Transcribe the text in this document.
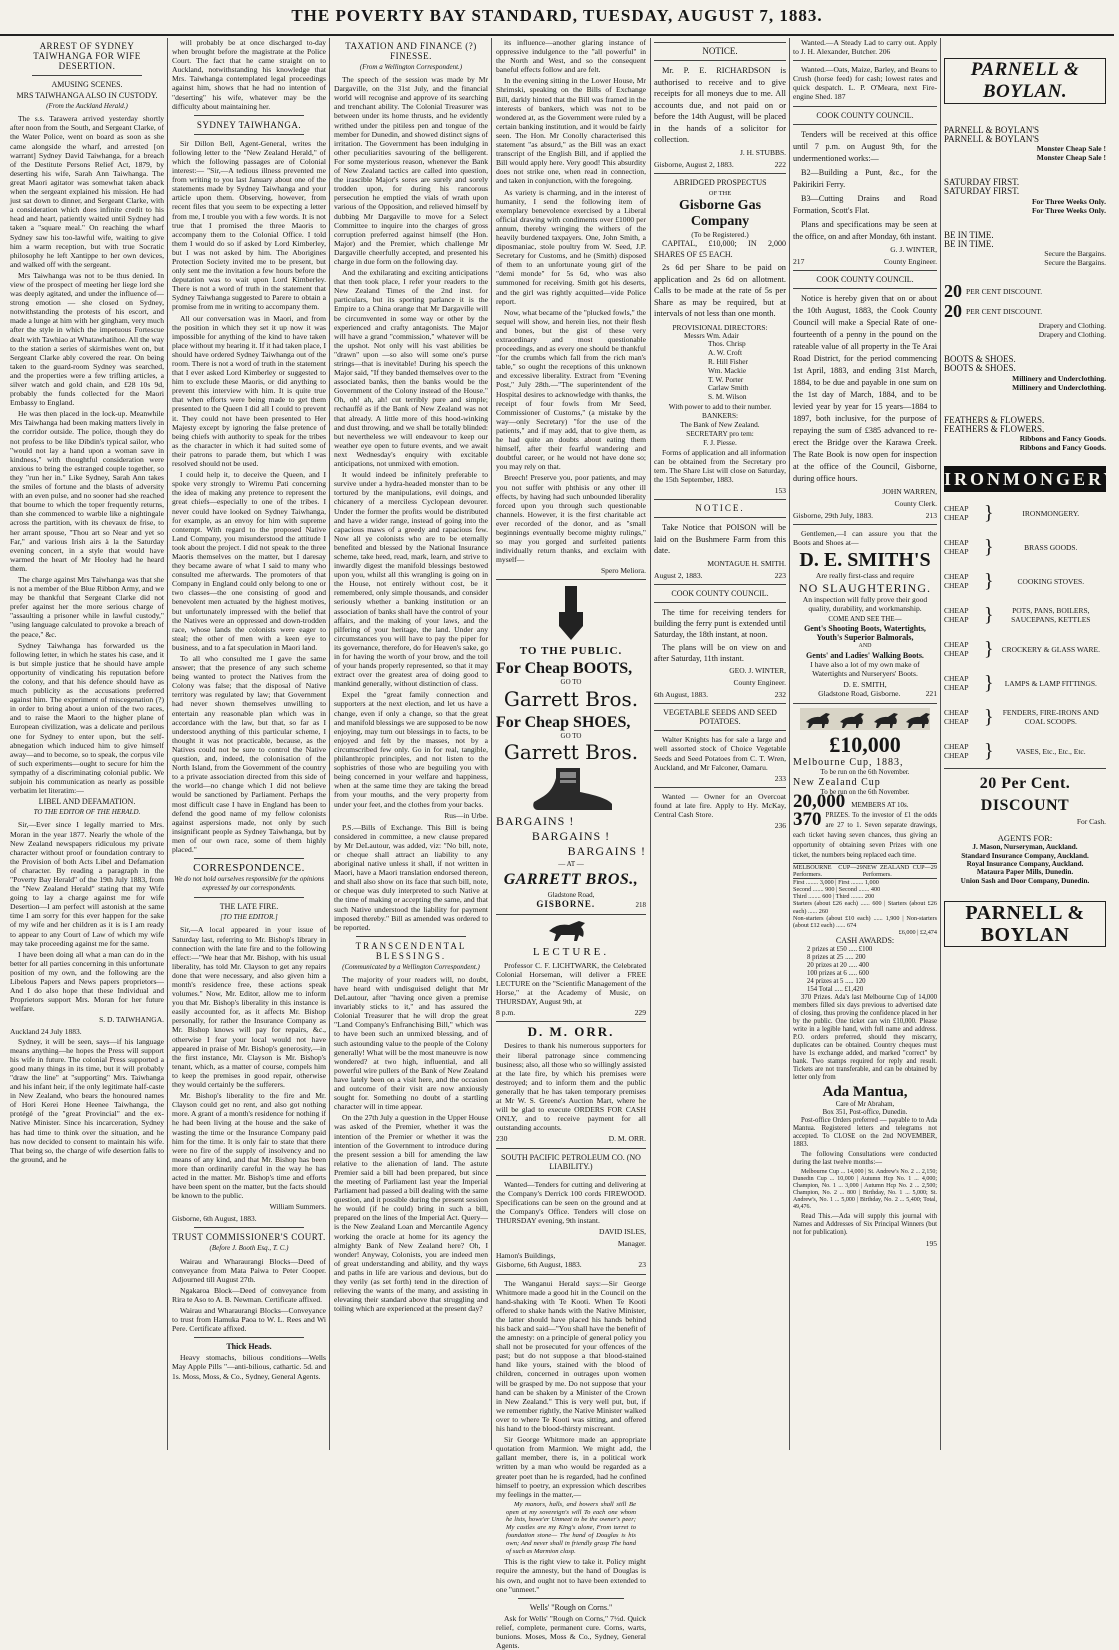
THE POVERTY BAY STANDARD, TUESDAY, AUGUST 7, 1883.
ARREST OF SYDNEY TAIWHANGA FOR WIFE DESERTION.
AMUSING SCENES.
MRS TAIWHANGA ALSO IN CUSTODY.
(From the Auckland Herald.)

The s.s. Tarawera arrived yesterday shortly after noon from the South, and Sergeant Clarke, of the Water Police, went on board as soon as she came alongside the wharf, and arrested [on warrant] Sydney David Taiwhanga, for a breach of the Destitute Persons Relief Act, 1879, by deserting his wife, Sarah Ann Taiwhanga. The great Maori agitator was somewhat taken aback when the sergeant explained his mission. He had just sat down to dinner, and Sergeant Clarke, with a consideration which does infinite credit to his head and heart, patiently waited until Sydney had taken a "square meal." On reaching the wharf Sydney saw his too-lawful wife, waiting to give him a warm reception, but with true Socratic philosophy he left Xantippe to her own devices, and walked off with the sergeant.

Mrs Taiwhanga was not to be thus denied. In view of the prospect of meeting her liege lord she was deeply agitated, and under the influence of— strong emotion — she closed on Sydney, notwithstanding the protests of his escort, and made a lunge at him with her gingham, very much after the style in which the impetuous Fortescue dealt with Tawhiao at Whatawhatihoe. All the way to the station a series of skirmishes went on, but Sergeant Clarke ably covered the rear. On being taken to the guard-room Sydney was searched, and the properties were a few trifling articles, a silver watch and gold chain, and £28 10s 9d, probably the funds collected for the Maori Embassy to England.

He was then placed in the lock-up. Meanwhile Mrs Taiwhanga had been making matters lively in the corridor outside. The police, though they do not profess to be like Dibdin's typical sailor, who "would not lay a hand upon a woman save in kindness," with thoughtful consideration were anxious to bring the estranged couple together, so they "run her in." Like Sydney, Sarah Ann takes the smiles of fortune and the blasts of adversity with an even pulse, and no sooner had she reached that bourne to which the toper frequently returns, than she commenced to warble like a nightingale across the partition, with its chevaux de frise, to her arrant spouse, "Thou art so Near and yet so Far," and various Irish airs à la the Saturday evening concert, in a style that would have warmed the heart of Mr Hooley had he heard them.

The charge against Mrs Taiwhanga was that she is not a member of the Blue Ribbon Army, and we may be thankful that Sergeant Clarke did not prefer against her the more serious charge of "assaulting a prisoner while in lawful custody," "using language calculated to provoke a breach of the peace," &c.

Sydney Taiwhanga has forwarded us the following letter, in which he states his case, and it is but simple justice that he should have ample opportunity of vindicating his reputation before the colony, and that his defence should have as much publicity as the accusations preferred against him. The experiment of miscegenation (?) in order to bring about a union of the two races, and to raise the Maori to the higher plane of European civilization, was a delicate and perilous one for Sydney to enter upon, but the self-abnegation which induced him to give himself away—and to become, so to speak, the corpus vile of such experiments—ought to secure for him the sympathy of a discriminating colonial public. We subjoin his communication as nearly as possible verbatim let literatim:—

LIBEL AND DEFAMATION.
TO THE EDITOR OF THE HERALD.

Sir,—Ever since I legally married to Mrs. Moran in the year 1877. Nearly the whole of the New Zealand newspapers ridiculous my private character without proof or foundation contrary to the Provision of both Acts Libel and Defamation of character. By reading a paragraph in the "Poverty Bay Herald" of the 19th July 1883, from the "New Zealand Herald" stating that my Wife going to lay a charge against me for wife Desertion—I am perfect will astonish at the same time I am sorry for this ever happen for the sake of my wife and her children as it is is I am ready to appear to any Court of Law of which my wife may take proceeding against me for the same.

I have been doing all what a man can do in the better for all parties concerning in this unfortunate position of my own, and the following are the Libelous Papers and News papers proprietors—And I do also hope that these Individual and Proprietors support Mrs. Moran for her future welfare.

S. D. TAIWHANGA.
Auckland 24 July 1883.

Sydney, it will be seen, says—if his language means anything—he hopes the Press will support his wife in future. The colonial Press supported a good many things in its time, but it will probably "draw the line" at "supporting" Mrs. Taiwhanga and his infant heir, if the only legitimate half-caste in New Zealand, who bears the honoured names of Hori Kerei Hone Heenee Taiwhanga, the protégé of the "great Provincial" and the ex-Native Minister. Since his incarceration, Sydney has had time to think over the situation, and he has now decided to consent to maintain his wife. That being so, the charge of wife desertion falls to the ground, and he

will probably be at once discharged to-day when brought before the magistrate at the Police Court. The fact that he came straight on to Auckland, notwithstanding his knowledge that Mrs. Taiwhanga contemplated legal proceedings against him, shows that he had no intention of "deserting" his wife, whatever may be the difficulty about maintaining her.

SYDNEY TAIWHANGA.

Sir Dillon Bell, Agent-General, writes the following letter to the "New Zealand Herald," of which the following passages are of Colonial interest:— "Sir,—A tedious illness prevented me from writing to you last January about one of the statements made by Sydney Taiwhanga and your article upon them. Observing, however, from recent files that you seem to be expecting a letter from me, I trouble you with a few words. It is not true that I promised the three Maoris to accompany them to the Colonial Office. I told them I would do so if asked by Lord Kimberley, but I was not asked by him. The Aborigines Protection Society invited me to be present, but only sent me the invitation a few hours before the deputation was to wait upon Lord Kimberley. There is not a word of truth in the statement that Sydney Taiwhanga suggested to Parere to obtain a promise from me in writing to accompany them.

All our conversation was in Maori, and from the position in which they set it up now it was impossible for anything of the kind to have taken place without my hearing it. If it had taken place, I should have ordered Sydney Taiwhanga out of the room. There is not a word of truth in the statement that I ever asked Lord Kimberley or suggested to him to exclude these Maoris, or did anything to prevent this interview with him. It is quite true that when efforts were being made to get them presented to the Queen I did all I could to prevent it. They could not have been presented to Her Majesty except by ignoring the false pretence of being chiefs with authority to speak for the tribes as the character in which it had suited some of their patrons to parade them, but which I was resolved should not be used.

I could help it, to deceive the Queen, and I spoke very strongly to Wiremu Pati concerning the idea of making any pretence to represent the great chiefs—especially to one of the tribes. I never could have looked on Sydney Taiwhanga, for example, as an envoy for him with supreme contempt. With regard to the proposed Native Land Company, you misunderstood the attitude I took about the project. I did not speak to the three Maoris themselves on the matter, but I daresay they became aware of what I said to many who consulted me afterwards. The promoters of that Company in England could only belong to one or two classes—the one consisting of good and benevolent men actuated by the highest motives, but unfortunately impressed with the belief that the Natives were an oppressed and down-trodden race, whose lands the colonists were eager to steal; the other of men with a keen eye to business, and to a fat speculation in Maori land.

To all who consulted me I gave the same answer; that the presence of any such scheme being wanted to protect the Natives from the Colony was false; that the disposal of Native territory was regulated by law; that Government had never shown themselves unwilling to entertain any reasonable plan which was in accordance with the law, but that, so far as I understood anything of this particular scheme, I thought it was not practicable, because, as the Natives could not be sure to control the Native question, and, indeed, the colonisation of the North Island, from the Government of the country to a private association directed from this side of the world—no change which I did not believe would be sanctioned by Parliament. Perhaps the most difficult case I have in England has been to defend the good name of my fellow colonists against aspersions made, not only by such insignificant people as Sydney Taiwhanga, but by men of our own race, some of them highly placed."

CORRESPONDENCE.
We do not hold ourselves responsible for the opinions expressed by our correspondents.
THE LATE FIRE.
[TO THE EDITOR.]

Sir,—A local appeared in your issue of Saturday last, referring to Mr. Bishop's library in connection with the late fire and to the following effect:—"We hear that Mr. Bishop, with his usual liberality, has told Mr. Clayson to get any repairs done that were necessary, and also given him a month's residence free, these actions speak volumes." Now, Mr. Editor, allow me to inform you that Mr. Bishop's liberality in this instance is easily accounted for, as it affects Mr. Bishop personally, for rather the Insurance Company as Mr. Bishop knows will pay for repairs, &c., otherwise I fear your local would not have appeared in praise of Mr. Bishop's generosity,—in the first instance, Mr. Clayson is Mr. Bishop's tenant, which, as a matter of course, compels him to keep the premises in good repair, otherwise they would certainly be the sufferers.

Mr. Bishop's liberality to the fire and Mr. Clayson could get no rent, and also got nothing more. A grant of a month's residence for nothing if he had been living at the house and the sake of wasting the time or the Insurance Company paid him for the time. It is only fair to state that there were no fire of the supply of insolvency and no means of any kind, and that Mr. Bishop has been more than ordinarily careful in the way he has acted in the matter. Mr. Bishop's time and efforts have been spent on the matter, but the facts should be known to the public.

William Summers.
Gisborne, 6th August, 1883.
TRUST COMMISSIONER'S COURT.
(Before J. Booth Esq., T. C.)

Wairau and Wharaurangi Blocks—Deed of conveyance from Mata Paiwa to Peter Cooper. Adjourned till August 27th.

Ngakaroa Block—Deed of conveyance from Rira te Aso to A. B. Newman. Certificate affixed.

Wairau and Wharaurangi Blocks—Conveyance to trust from Hamuka Paoa to W. L. Rees and Wi Pere. Certificate affixed.

Thick Heads.

Heavy stomachs, bilious conditions—Wells May Apple Pills "—anti-bilious, cathartic. 5d. and 1s. Moss, Moss, & Co., Sydney, General Agents.

TAXATION AND FINANCE (?) FINESSE.
(From a Wellington Correspondent.)

The speech of the session was made by Mr Dargaville, on the 31st July, and the financial world will recognise and approve of its searching and trenchant ability. The Colonial Treasurer was between under its home thrusts, and he evidently writhed under the pitiless pen and tongue of the member for Dunedin, and showed distinct signs of irritation. The Government has been indulging in other peculiarities savouring of the belligerent. For some mysterious reason, whenever the Bank of New Zealand tactics are called into question, the irascible Major's sores are surely and sorely trodden upon, for during his rancorous persecution he emptied the vials of wrath upon various of the Opposition, and relieved himself by dubbing Mr Dargaville to move for a Select Committee to inquire into the charges of gross corruption preferred against himself (the Hon. Major) and the Premier, which challenge Mr Dargaville cheerfully accepted, and presented his charge in due form on the following day.

And the exhilarating and exciting anticipations that then took place, I refer your readers to the New Zealand Times of the 2nd inst. for particulars, but its sporting parlance it is the Empire to a China orange that Mr Dargaville will be circumvented in some way or other by the experienced and crafty antagonists. The Major will have a grand "commission," whatever will be the upshot. Not only will his vast abilities be "drawn" upon —so also will some one's purse strings—that is inevitable! During his speech the Major said, "If they banded themselves over to the associated banks, then the banks would be the Government of the Colony instead of the House." Oh, oh! ah, ah! cut terribly pure and simple; rechauffé as if the Bank of New Zealand was not that already. A little more of this hood-winking and dust throwing, and we shall be totally blinded: but nevertheless we will endeavour to keep our weather eye open to future events, and we await next Wednesday's enquiry with excitable anticipations, not unmixed with emotion.

It would indeed be infinitely preferable to survive under a hydra-headed monster than to be tortured by the manipulations, evil doings, and chicanery of a merciless Cyclopean devourer. Under the former the profits would be distributed and have a wider range, instead of going into the capacious maws of a greedy and rapacious few. Now all ye colonists who are to be eternally benefited and blessed by the National Insurance scheme, take heed, read, mark, learn, and strive to inwardly digest the manifold blessings bestowed upon you, whilst all this wrangling is going on in the House, not entirely without cost, be it remembered, only simple thousands, and consider seriously whether a banking institution or an association of banks shall have the control of your affairs, and the making of your laws, and the pilfering of your heritage, the land. Under any circumstances you will have to pay the piper for its governance, therefore, do for Heaven's sake, go in for having the worth of your brow, and the toil of your hands properly represented, so that it may extract over the greatest area of doing good to mankind generally, without distinction of class.

Expel the "great family connection and supporters at the next election, and let us have a change, even if only a change, so that the great and manifold blessings we are supposed to be now enjoying, may turn out blessings in to facts, to be enjoyed and felt by the masses, not by a circumscribed few only. Go in for real, tangible, philanthropic principles, and not listen to the sophistries of those who are beguiling you with being concerned in your welfare and happiness, when at the same time they are taking the bread from your mouths, and the very property from under your feet, and the clothes from your backs.

Rus—in Urbe.

P.S.—Bills of Exchange. This Bill is being considered in committee, a new clause prepared by Mr DeLautour, was added, viz: "No bill, note, or cheque shall attract an liability to any aboriginal native unless it shall, if not written in Maori, have a Maori translation endorsed thereon, and shall also show on its face that such bill, note, or cheque was duly interpreted to such Native at the time of making or accepting the same, and that such Native understood the liability for payment imposed thereby." Bill as amended was ordered to be reported.

TRANSCENDENTAL BLESSINGS.
(Communicated by a Wellington Correspondent.)

The majority of your readers will, no doubt, have heard with undisguised delight that Mr DeLautour, after "having once given a premise invariably sticks to it," and has assured the Colonial Treasurer that he will drop the great "Land Company's Enfranchising Bill," which was to have been such an unmixed blessing, and of such astounding value to the people of the Colony generally! What will be the most maneuvre is now wondered? at two high, influential, and all powerful wire pullers of the Bank of New Zealand have lately been on a visit here, and the occasion and outcome of their visit are now anxiously sought for. Something no doubt of a startling character will in time appear.

On the 27th July a question in the Upper House was asked of the Premier, whether it was the intention of the Premier or whether it was the intention of the Government to introduce during the present session a bill for amending the law relative to the alienation of land. The astute Premier said a bill had been prepared, but since the meeting of Parliament last year the Imperial Parliament had passed a bill dealing with the same question, and it possible during the present session he would (if he could) bring in such a bill, prepared on the lines of the Imperial Act. Query—is the New Zealand Loan and Mercantile Agency working the oracle at home for its agency the almighty Bank of New Zealand here? Oh, I wonder! Anyway, Colonists, you are indeed men of great understanding and ability, and thy ways and paths in life are various and devious, but do they verily (as set forth) tend in the direction of relieving the wants of the many, and assisting in elevating their standard above that struggling and toiling which are experienced at the present day?

its influence—another glaring instance of oppressive indulgence to the "all powerful" in the North and West, and so the consequent baneful effects follow and are felt.

In the evening sitting in the Lower House, Mr Shrimski, speaking on the Bills of Exchange Bill, darkly hinted that the Bill was framed in the interests of bankers, which was not to be wondered at, as the Government were ruled by a certain banking institution, and it would be fairly seen. The Hon. Mr Conolly characterised this statement "as absurd," as the Bill was an exact transcript of the English Bill, and if applied the Bill would apply here. Very good! This absurdity does not strike one, when read in connection, and taken in conjunction, with the foregoing.

As variety is charming, and in the interest of humanity, I send the following item of exemplary benevolence exercised by a Liberal official drawing with condiments over £1000 per annum, thereby wringing the withers of the heavily burdened taxpayers. One, John Smith, a diposmaniac, stole poultry from W. Seed, J.P. Secretary for Customs, and he (Smith) disposed of them to an unfortunate young girl of the "demi monde" for 5s 6d, who was also summoned for receiving. Smith got his deserts, and the girl was rightly acquitted—vide Police report.

Now, what became of the "plucked fowls," the sequel will show, and herein lies, not their flesh and bones, but the gist of these very extraordinary and most questionable proceedings, and as every one should be thankful "for the crumbs which fall from the rich man's table," so ought the receptions of this unknown and excessive liberality. Extract from "Evening Post," July 28th.—"The superintendent of the Hospital desires to acknowledge with thanks, the receipt of four fowls from Mr Seed, Commissioner of Customs," (a mistake by the way—only Secretary) "for the use of the patients," and if may add, that to give them, as he had quite an doubts about eating them himself, after their fearful wandering and doubtful career, or he would not have done so; you may rely on that.

Breech! Preserve you, poor patients, and may you not suffer with phthisis or any other ill effects, by having had such unbounded liberality forced upon you through such questionable channels. However, it is the first charitable act ever recorded of the donor, and as "small beginnings eventually become mighty rulings," so may you gorged and surfeited patients individually return thanks, and exclaim with myself—

Spero Meliora.
TO THE PUBLIC.
For Cheap BOOTS,
GO TO
Garrett Bros.
For Cheap SHOES,
GO TO
Garrett Bros.
BARGAINS !
BARGAINS !
BARGAINS !
— AT —
GARRETT BROS.,
Gladstone Road,
GISBORNE.	218
LECTURE.

Professor C. F. LICHTWARK, the Celebrated Colonial Horseman, will deliver a FREE LECTURE on the "Scientific Management of the Horse," at the Academy of Music, on THURSDAY, August 9th, at

8 p.m.	229
D. M. ORR.

Desires to thank his numerous supporters for their liberal patronage since commencing business; also, all those who so willingly assisted at the late fire, by which his premises were destroyed; and to inform them and the public generally that he has taken temporary premises at Mr W. S. Greene's Auction Mart, where he will be glad to execute ORDERS FOR CASH ONLY, and to receive payment for all outstanding accounts.

230	D. M. ORR.
SOUTH PACIFIC PETROLEUM CO. (NO LIABILITY.)

Wanted—Tenders for cutting and delivering at the Company's Derrick 100 cords FIREWOOD. Specifications can be seen on the ground and at the Company's Office. Tenders will close on THURSDAY evening, 9th instant.

DAVID ISLES,
Manager.
Hamon's Buildings,
Gisborne, 6th August, 1883.	23

The Wanganui Herald says:—Sir George Whitmore made a good hit in the Council on the hand-shaking with Te Kooti. When Te Kooti offered to shake hands with the Native Minister, the latter should have placed his hands behind his back and said—"You shall have the benefit of the amnesty: on a principle of general policy you shall not be prosecuted for your offences of the past; but do not suppose a that blood-stained hand like yours, stained with the blood of children, concerned in outrages upon women will be grasped by me. Do not suppose that your hand can be shaken by a Minister of the Crown in New Zealand." This is very well put, but, if we remember rightly, the Native Minister walked over to where Te Kooti was sitting, and offered his hand to the blood-thirsty miscreant.

Sir George Whitmore made an appropriate quotation from Marmion. We might add, the gallant member, there is, in a political work written by a man who would be regarded as a greater poet than he is regarded, had he confined himself to poetry, an expression which describes my feelings in the matter,—

My manors, halls, and bowers shall still Be open at my sovereign's will To each one whom he lists, howe'er Unmeet to be the owner's peer; My castles are my King's alone, From turret to foundation stone— The hand of Douglas is his own; And never shall in friendly grasp The hand of such as Marmion clasp.

This is the right view to take it. Policy might require the amnesty, but the hand of Douglas is his own, and ought not to have been extended to one "unmeet."

Wells' "Rough on Corns."

Ask for Wells' "Rough on Corns," 7½d. Quick relief, complete, permanent cure. Corns, warts, bunions. Moses, Moss & Co., Sydney, General Agents.

NOTICE.

Mr. P. E. RICHARDSON is authorised to receive and to give receipts for all moneys due to me. All accounts due, and not paid on or before the 14th August, will be placed in the hands of a solicitor for collection.

J. H. STUBBS.
Gisborne, August 2, 1883.	222
ABRIDGED PROSPECTUS
OF THE
Gisborne Gas Company
(To be Registered.)

CAPITAL, £10,000; IN 2,000 SHARES OF £5 EACH.

2s 6d per Share to be paid on application and 2s 6d on allotment. Calls to be made at the rate of 5s per Share as may be required, but at intervals of not less than one month.

PROVISIONAL DIRECTORS:
Messrs Wm. Adair
Thos. Chrisp
A. W. Croft
R. Hill Fisher
Wm. Mackie
T. W. Porter
Carlaw Smith
S. M. Wilson
With power to add to their number.
BANKERS:
The Bank of New Zealand.
SECRETARY pro tem:
F. J. Piesse.

Forms of application and all information can be obtained from the Secretary pro tem. The Share List will close on Saturday, the 15th September, 1883.

153
NOTICE.

Take Notice that POISON will be laid on the Bushmere Farm from this date.

MONTAGUE H. SMITH.
August 2, 1883.	223
COOK COUNTY COUNCIL.

The time for receiving tenders for building the ferry punt is extended until Saturday, the 18th instant, at noon.

The plans will be on view on and after Saturday, 11th instant.

GEO. J. WINTER,
County Engineer.
6th August, 1883.	232
VEGETABLE SEEDS AND SEED POTATOES.

Walter Knights has for sale a large and well assorted stock of Choice Vegetable Seeds and Seed Potatoes from C. T. Wren, Auckland, and Mr Falconer, Oamaru.

233

Wanted — Owner for an Overcoat found at late fire. Apply to Hy. McKay, Central Cash Store.

236

Wanted.—A Steady Lad to carry out. Apply to J. H. Alexander, Butcher. 206

Wanted.—Oats, Maize, Barley, and Beans to Crush (horse feed) for cash; lowest rates and quick despatch. L. P. O'Meara, next Fire-engine Shed. 187

COOK COUNTY COUNCIL.

Tenders will be received at this office until 7 p.m. on August 9th, for the undermentioned works:—

B2—Building a Punt, &c., for the Pakirikiri Ferry.

B3—Cutting Drains and Road Formation, Scott's Flat.

Plans and specifications may be seen at the office, on and after Monday, 6th instant.

G. J. WINTER,
217	County Engineer.
COOK COUNTY COUNCIL.

Notice is hereby given that on or about the 10th August, 1883, the Cook County Council will make a Special Rate of one-fourteenth of a penny in the pound on the rateable value of all property in the Te Arai Road District, for the period commencing 1st April, 1883, and ending 31st March, 1884, to be due and payable in one sum on the 1st day of March, 1884, and to be levied year by year for 15 years—1884 to 1897, both inclusive, for the purpose of repaying the sum of £385 advanced to re-erect the Bridge over the Karawa Creek. The Rate Book is now open for inspection at the office of the Council, Gisborne, during office hours.

JOHN WARREN,
County Clerk.
Gisborne, 29th July, 1883.	213

Gentlemen,—I can assure you that the Boots and Shoes at—

D. E. SMITH'S
Are really first-class and require
NO SLAUGHTERING.

An inspection will fully prove their good quality, durability, and workmanship.

COME AND SEE THE—
Gent's Shooting Boots, Watertights, Youth's Superior Balmorals,
AND
Gents' and Ladies' Walking Boots.

I have also a lot of my own make of Watertights and Nurseryers' Boots.

D. E. SMITH,
Gladstone Road, Gisborne.	221
£10,000
Melbourne Cup, 1883,
To be run on the 6th November.
New Zealand Cup
To be run on the 6th November.
20,000 MEMBERS AT 10s.
370 PRIZES. To the investor of £1 the odds are 27 to 1. Seven separate drawings, each ticket having seven chances, thus giving an opportunity of obtaining seven Prizes with one ticket, the numbers being replaced each time.
MELBOURNE CUP—29 Performers.
NEW ZEALAND CUP—29 Performers.
First ........ 3,000 | First ........ 1,000
Second ....... 900 | Second ....... 400
Third ........ 600 | Third ........ 200
Starters (about £26 each) ...... 600 | Starters (about £26 each) ...... 260
Non-starters (about £10 each) ...... 1,900 | Non-starters (about £12 each) ...... 674
£6,000 | £2,474
CASH AWARDS:
2 prizes at £50 ..... £100
8 prizes at 25 ..... 200
20 prizes at 20 ..... 400
100 prizes at 6 ..... 600
24 prizes at 5 ..... 120
154 Total ..... £1,420

370 Prizes. Ada's last Melbourne Cup of 14,000 members filled six days previous to advertised date of closing, thus proving the confidence placed in her by the public. One ticket can win £10,000. Please write in a legible hand, with full name and address. P.O. orders preferred, should they miscarry, duplicates can be obtained. Country cheques must have 1s exchange added, and marked "correct" by bank. Two stamps required for reply and result. Tickets are not transferable, and can be obtained by letter only from

Ada Mantua,
Care of Mr Abraham,
Box 351, Post-office, Dunedin.

Post-office Orders preferred — payable to to Ada Mantua. Registered letters and telegrams not accepted. To CLOSE on the 2nd NOVEMBER, 1883.

The following Consultations were conducted during the last twelve months:—

Melbourne Cup ... 14,000 | St. Andrew's No. 2 ... 2,150; Dunedin Cup ... 10,000 | Autumn Hcp No. 1 ... 4,000; Champion, No. 1 ... 3,000 | Autumn Hcp No. 2 ... 2,500; Champion, No. 2 ... 800 | Birthday, No. 1 ... 5,000; St. Andrew's, No. 1 ... 5,000 | Birthday, No. 2 ... 5,400; Total, 49,476.

Read This.—Ada will supply this journal with Names and Addresses of Six Principal Winners (but not for publication).

195
PARNELL & BOYLAN.
PARNELL & BOYLAN'S
PARNELL & BOYLAN'S
Monster Cheap Sale !
Monster Cheap Sale !
SATURDAY FIRST.
SATURDAY FIRST.
For Three Weeks Only.
For Three Weeks Only.
BE IN TIME.
BE IN TIME.
Secure the Bargains.
Secure the Bargains.
20 PER CENT DISCOUNT.
20 PER CENT DISCOUNT.
Drapery and Clothing.
Drapery and Clothing.
BOOTS & SHOES.
BOOTS & SHOES.
Millinery and Underclothing.
Millinery and Underclothing.
FEATHERS & FLOWERS.
FEATHERS & FLOWERS.
Ribbons and Fancy Goods.
Ribbons and Fancy Goods.
IRONMONGERY
CHEAP
CHEAP }	IRONMONGERY.
CHEAP
CHEAP }	BRASS GOODS.
CHEAP
CHEAP }	COOKING STOVES.
CHEAP
CHEAP }	POTS, PANS, BOILERS, SAUCEPANS, KETTLES
CHEAP
CHEAP }	CROCKERY & GLASS WARE.
CHEAP
CHEAP }	LAMPS & LAMP FITTINGS.
CHEAP
CHEAP }	FENDERS, FIRE-IRONS AND COAL SCOOPS.
CHEAP
CHEAP }	VASES, Etc., Etc., Etc.
20 Per Cent. DISCOUNT
For Cash.
AGENTS FOR:
J. Mason, Nurseryman, Auckland.
Standard Insurance Company, Auckland.
Royal Insurance Company, Auckland.
Mataura Paper Mills, Dunedin.
Union Sash and Door Company, Dunedin.
PARNELL & BOYLAN
